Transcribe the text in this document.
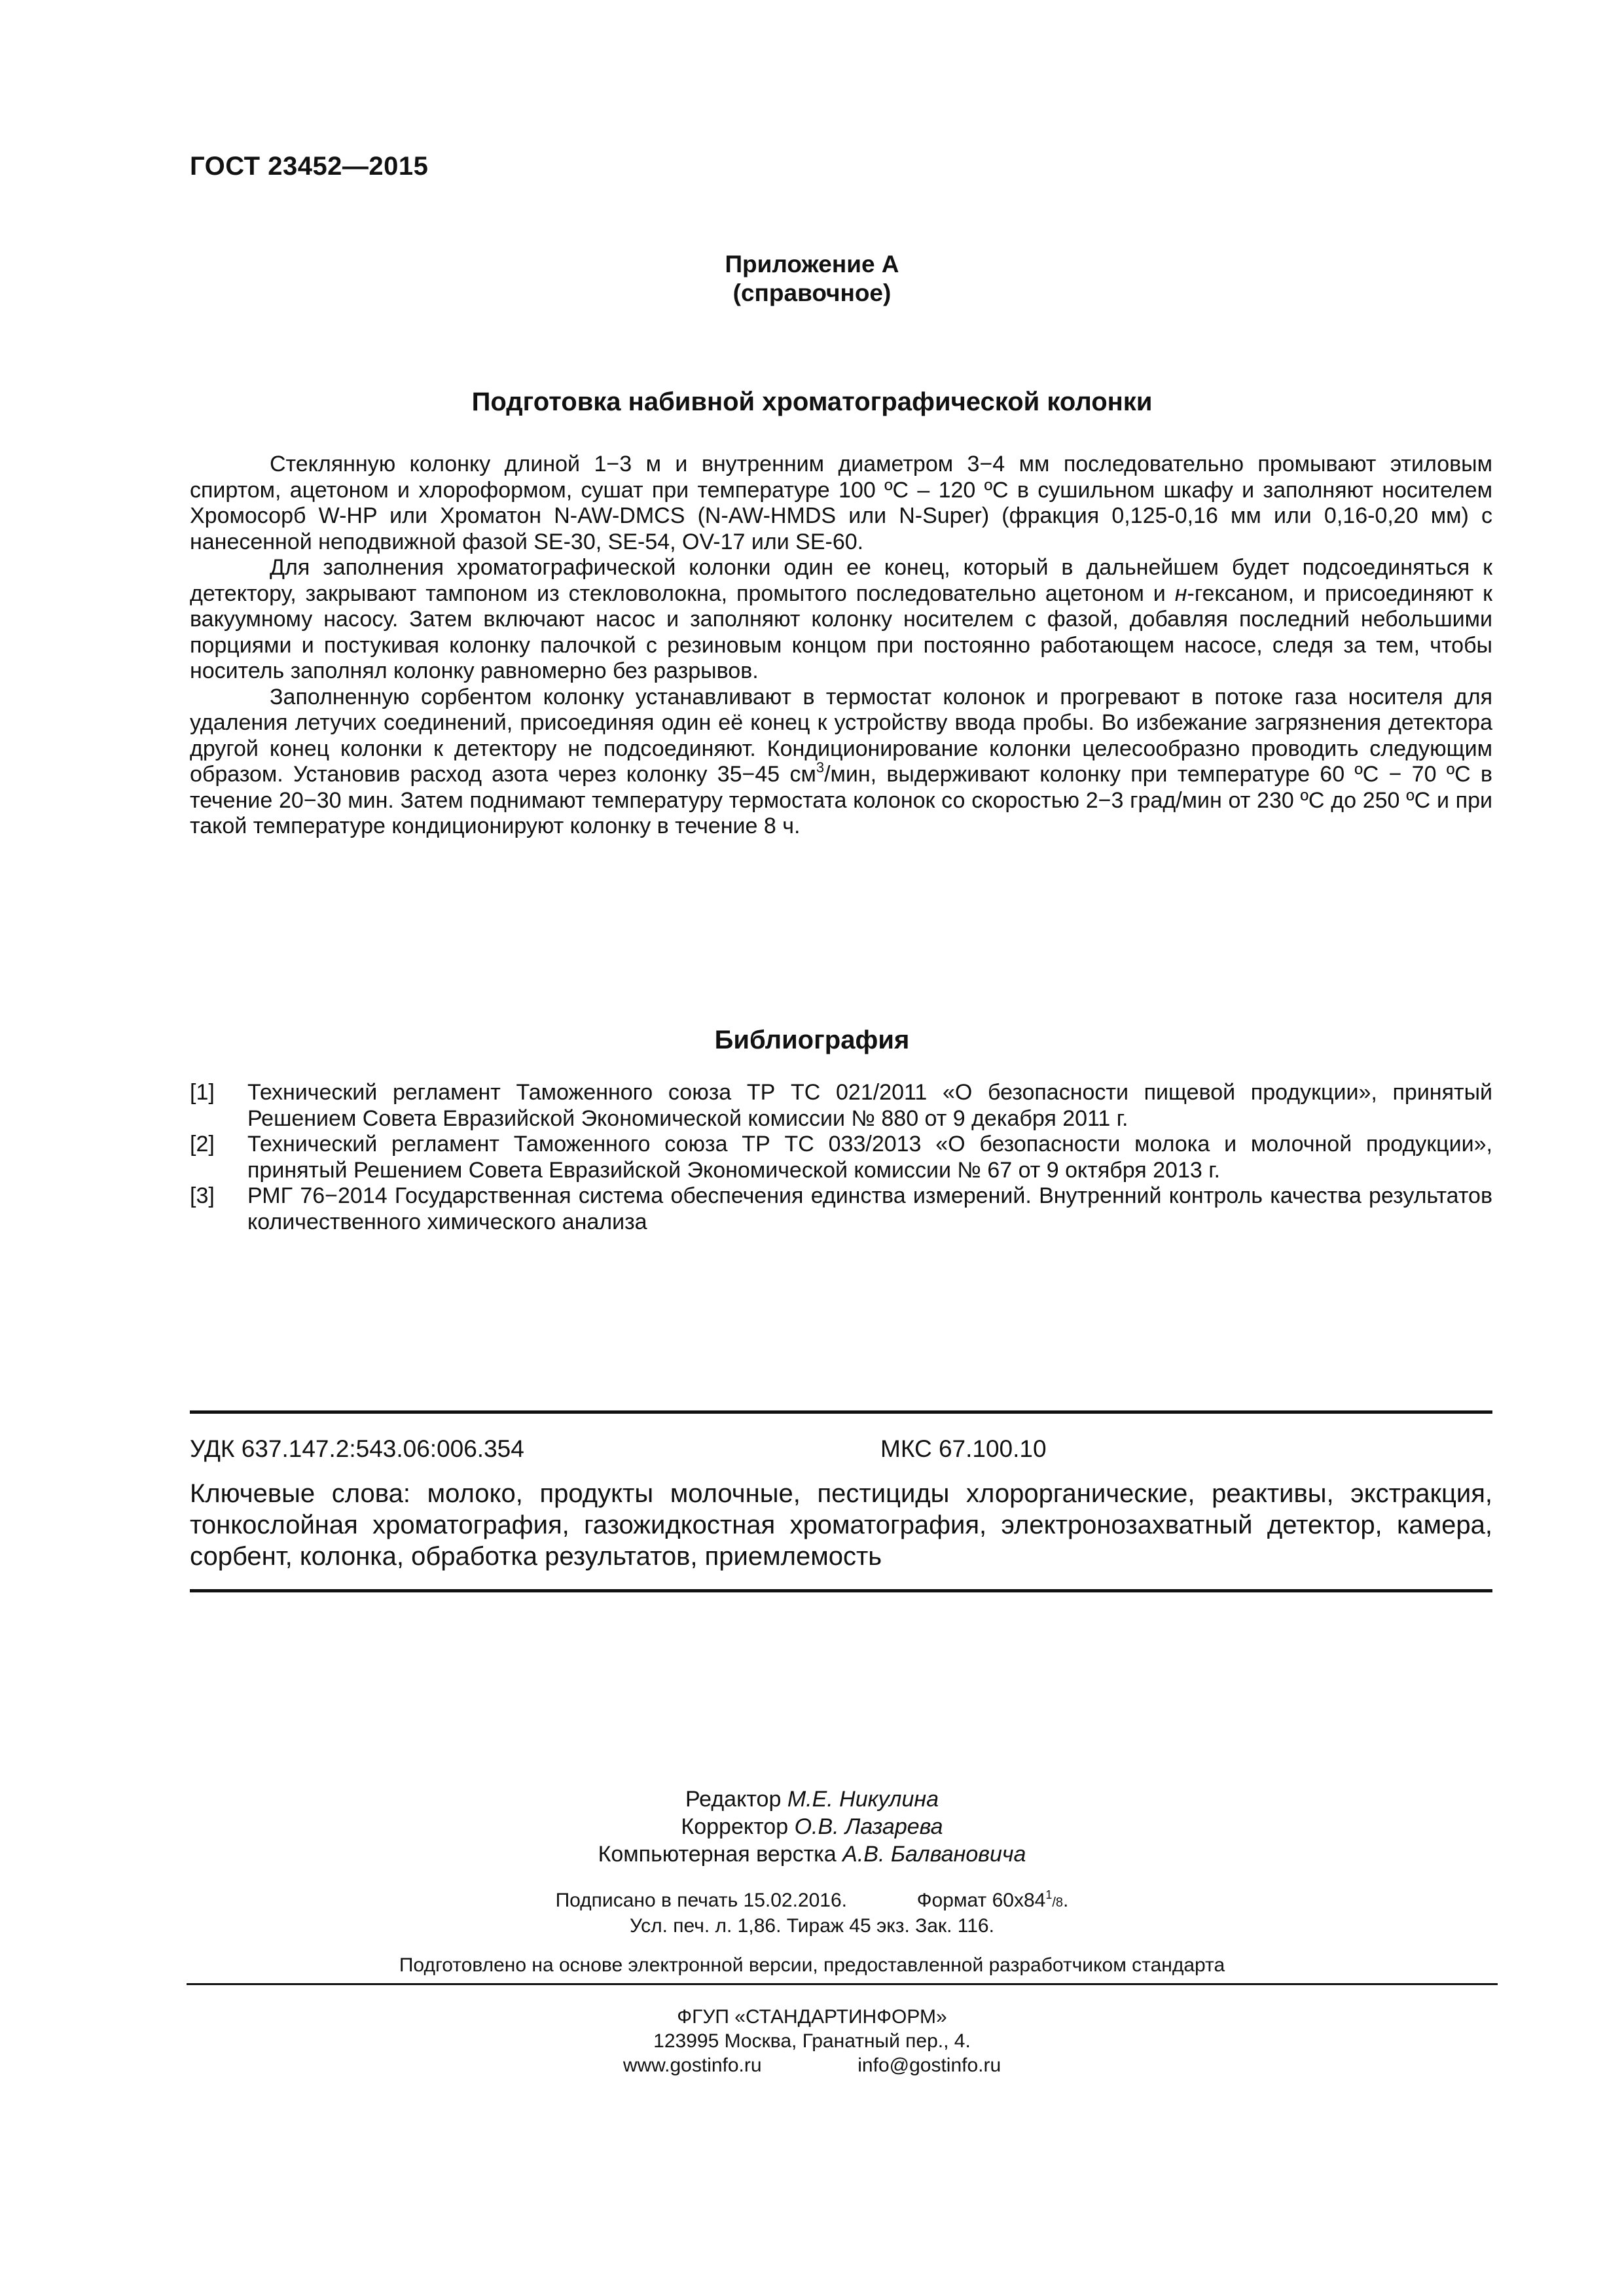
ГОСТ 23452—2015
Приложение А
(справочное)
Подготовка набивной хроматографической колонки

Стеклянную колонку длиной 1−3 м и внутренним диаметром 3−4 мм последовательно промывают этиловым спиртом, ацетоном и хлороформом, сушат при температуре 100 ºС – 120 ºС в сушильном шкафу и заполняют носителем Хромосорб W-HP или Хроматон N-AW-DMCS (N-AW-HMDS или N-Super) (фракция 0,125-0,16 мм или 0,16-0,20 мм) с нанесенной неподвижной фазой SE-30, SE-54, OV-17 или SE-60.

Для заполнения хроматографической колонки один ее конец, который в дальнейшем будет подсоединяться к детектору, закрывают тампоном из стекловолокна, промытого последовательно ацетоном и н-гексаном, и присоединяют к вакуумному насосу. Затем включают насос и заполняют колонку носителем с фазой, добавляя последний небольшими порциями и постукивая колонку палочкой с резиновым концом при постоянно работающем насосе, следя за тем, чтобы носитель заполнял колонку равномерно без разрывов.

Заполненную сорбентом колонку устанавливают в термостат колонок и прогревают в потоке газа носителя для удаления летучих соединений, присоединяя один её конец к устройству ввода пробы. Во избежание загрязнения детектора другой конец колонки к детектору не подсоединяют. Кондиционирование колонки целесообразно проводить следующим образом. Установив расход азота через колонку 35−45 $см^3$/мин, выдерживают колонку при температуре 60 ºС − 70 ºС в течение 20−30 мин. Затем поднимают температуру термостата колонок со скоростью 2−3 град/мин от 230 ºС до 250 ºС и при такой температуре кондиционируют колонку в течение 8 ч.

Библиография
[1]	Технический регламент Таможенного союза ТР ТС 021/2011 «О безопасности пищевой продукции», принятый Решением Совета Евразийской Экономической комиссии № 880 от 9 декабря 2011 г.
[2]	Технический регламент Таможенного союза ТР ТС 033/2013 «О безопасности молока и молочной продукции», принятый Решением Совета Евразийской Экономической комиссии № 67 от 9 октября 2013 г.
[3]	РМГ 76−2014 Государственная система обеспечения единства измерений. Внутренний контроль качества результатов количественного химического анализа
УДК 637.147.2:543.06:006.354	МКС 67.100.10
Ключевые слова: молоко, продукты молочные, пестициды хлорорганические, реактивы, экстракция, тонкослойная хроматография, газожидкостная хроматография, электронозахватный детектор, камера, сорбент, колонка, обработка результатов, приемлемость
Редактор М.Е. Никулина
Корректор О.В. Лазарева
Компьютерная верстка А.В. Балвановича
Подписано в печать 15.02.2016.	Формат $60х84^1/8$.
Усл. печ. л. 1,86. Тираж 45 экз. Зак. 116.
Подготовлено на основе электронной версии, предоставленной разработчиком стандарта
ФГУП «СТАНДАРТИНФОРМ»
123995 Москва, Гранатный пер., 4.
www.gostinfo.ru	info@gostinfo.ru
